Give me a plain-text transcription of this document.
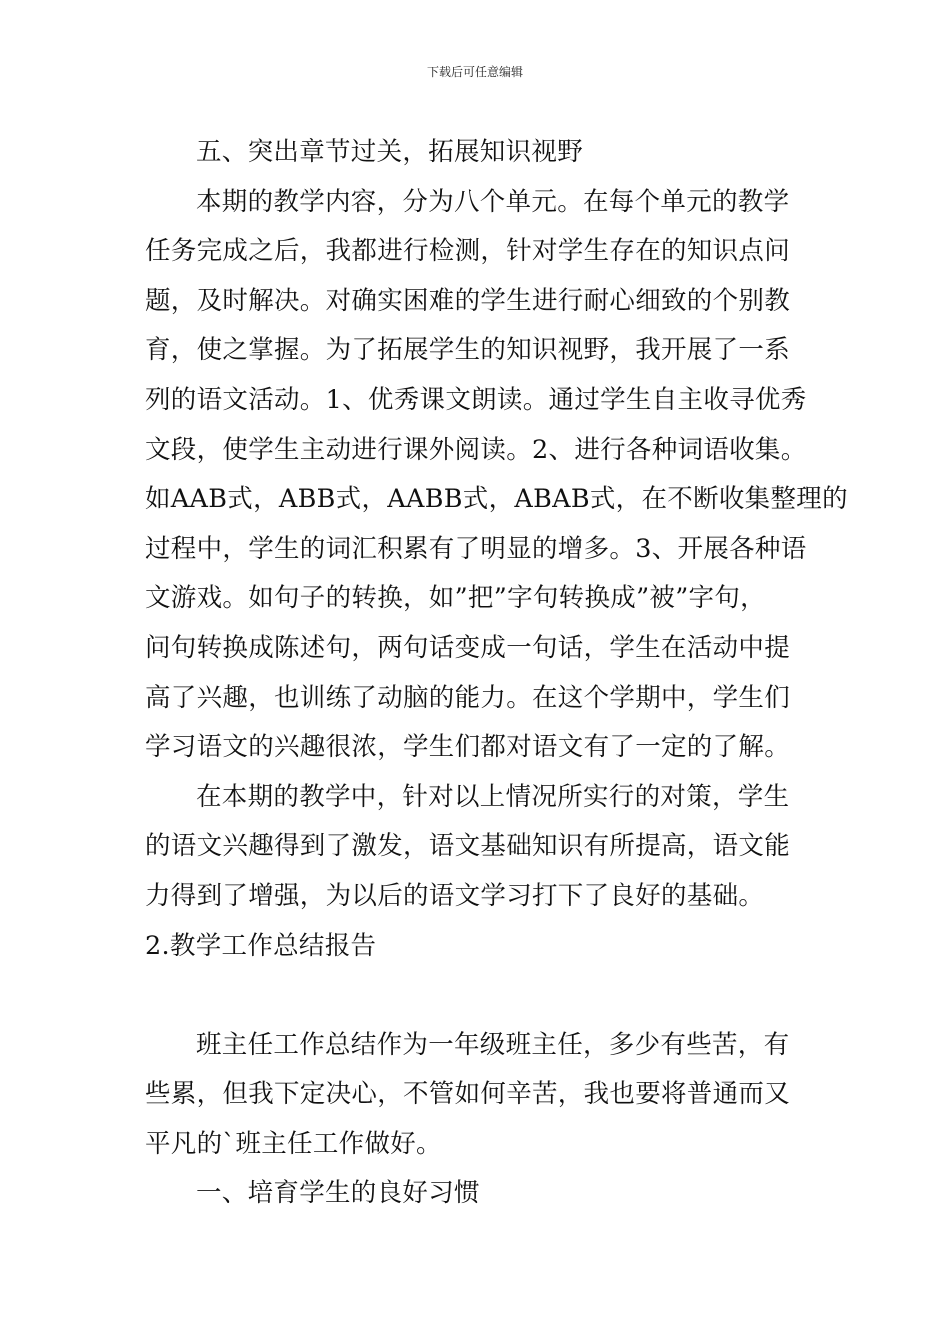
下载后可任意编辑
五、突出章节过关，拓展知识视野
本期的教学内容，分为八个单元。在每个单元的教学
任务完成之后，我都进行检测，针对学生存在的知识点问
题，及时解决。对确实困难的学生进行耐心细致的个别教
育，使之掌握。为了拓展学生的知识视野，我开展了一系
列的语文活动。1、优秀课文朗读。通过学生自主收寻优秀
文段，使学生主动进行课外阅读。2、进行各种词语收集。
如AAB式，ABB式，AABB式，ABAB式，在不断收集整理的
过程中，学生的词汇积累有了明显的增多。3、开展各种语
文游戏。如句子的转换，如”把”字句转换成”被”字句，
问句转换成陈述句，两句话变成一句话，学生在活动中提
高了兴趣，也训练了动脑的能力。在这个学期中，学生们
学习语文的兴趣很浓，学生们都对语文有了一定的了解。
在本期的教学中，针对以上情况所实行的对策，学生
的语文兴趣得到了激发，语文基础知识有所提高，语文能
力得到了增强，为以后的语文学习打下了良好的基础。
2.教学工作总结报告
班主任工作总结作为一年级班主任，多少有些苦，有
些累，但我下定决心，不管如何辛苦，我也要将普通而又
平凡的`班主任工作做好。
一、培育学生的良好习惯
